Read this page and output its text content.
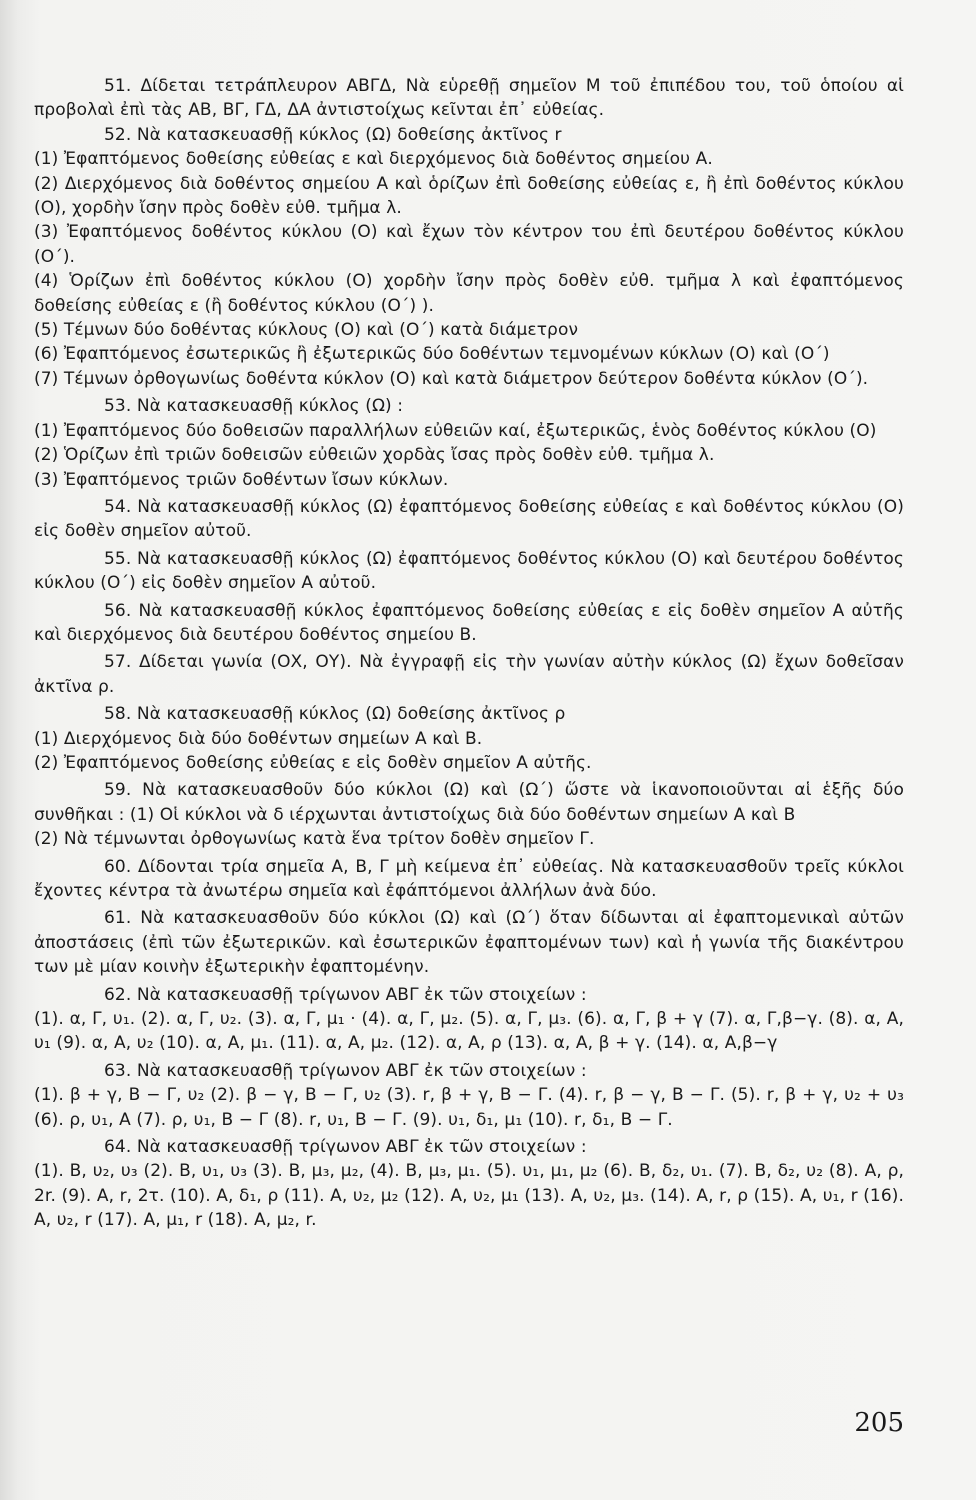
51. Δίδεται τετράπλευρον ΑΒΓΔ, Νὰ εὑρεθῇ σημεῖον Μ τοῦ ἐπιπέδου του, τοῦ ὁποίου αἱ προβολαὶ ἐπὶ τὰς ΑΒ, ΒΓ, ΓΔ, ΔΑ ἀντιστοίχως κεῖνται ἐπ᾿ εὐθείας.

52. Νὰ κατασκευασθῇ κύκλος (Ω) δοθείσης ἀκτῖνος r

(1) Ἐφαπτόμενος δοθείσης εὐθείας ε καὶ διερχόμενος διὰ δοθέντος σημείου Α.

(2) Διερχόμενος διὰ δοθέντος σημείου Α καὶ ὁρίζων ἐπὶ δοθείσης εὐθείας ε, ἢ ἐπὶ δοθέντος κύκλου (Ο), χορδὴν ἴσην πρὸς δοθὲν εὐθ. τμῆμα λ.

(3) Ἐφαπτόμενος δοθέντος κύκλου (Ο) καὶ ἔχων τὸν κέντρον του ἐπὶ δευτέρου δοθέντος κύκλου (Ο΄).

(4) Ὁρίζων ἐπὶ δοθέντος κύκλου (Ο) χορδὴν ἴσην πρὸς δοθὲν εὐθ. τμῆμα λ καὶ ἐφαπτόμενος δοθείσης εὐθείας ε (ἢ δοθέντος κύκλου (Ο΄) ).

(5) Τέμνων δύο δοθέντας κύκλους (Ο) καὶ (Ο΄) κατὰ διάμετρον

(6) Ἐφαπτόμενος ἐσωτερικῶς ἢ ἐξωτερικῶς δύο δοθέντων τεμνομένων κύκλων (Ο) καὶ (Ο΄)

(7) Τέμνων ὀρθογωνίως δοθέντα κύκλον (Ο) καὶ κατὰ διάμετρον δεύτερον δοθέντα κύκλον (Ο΄).

53. Νὰ κατασκευασθῇ κύκλος (Ω) :

(1) Ἐφαπτόμενος δύο δοθεισῶν παραλλήλων εὐθειῶν καί, ἐξωτερικῶς, ἑνὸς δοθέντος κύκλου (Ο)

(2) Ὁρίζων ἐπὶ τριῶν δοθεισῶν εὐθειῶν χορδὰς ἴσας πρὸς δοθὲν εὐθ. τμῆμα λ.

(3) Ἐφαπτόμενος τριῶν δοθέντων ἴσων κύκλων.

54. Νὰ κατασκευασθῇ κύκλος (Ω) ἐφαπτόμενος δοθείσης εὐθείας ε καὶ δοθέντος κύκλου (Ο) εἰς δοθὲν σημεῖον αὐτοῦ.

55. Νὰ κατασκευασθῇ κύκλος (Ω) ἐφαπτόμενος δοθέντος κύκλου (Ο) καὶ δευτέρου δοθέντος κύκλου (Ο΄) εἰς δοθὲν σημεῖον Α αὐτοῦ.

56. Νὰ κατασκευασθῇ κύκλος ἐφαπτόμενος δοθείσης εὐθείας ε εἰς δοθὲν σημεῖον Α αὐτῆς καὶ διερχόμενος διὰ δευτέρου δοθέντος σημείου Β.

57. Δίδεται γωνία (ΟΧ, ΟΥ). Νὰ ἐγγραφῇ εἰς τὴν γωνίαν αὐτὴν κύκλος (Ω) ἔχων δοθεῖσαν ἀκτῖνα ρ.

58. Νὰ κατασκευασθῇ κύκλος (Ω) δοθείσης ἀκτῖνος ρ

(1) Διερχόμενος διὰ δύο δοθέντων σημείων Α καὶ Β.

(2) Ἐφαπτόμενος δοθείσης εὐθείας ε εἰς δοθὲν σημεῖον Α αὐτῆς.

59. Νὰ κατασκευασθοῦν δύο κύκλοι (Ω) καὶ (Ω΄) ὥστε νὰ ἱκανοποιοῦνται αἱ ἑξῆς δύο συνθῆκαι : (1) Οἱ κύκλοι νὰ δ ιέρχωνται ἀντιστοίχως διὰ δύο δοθέντων σημείων Α καὶ Β

(2) Νὰ τέμνωνται ὀρθογωνίως κατὰ ἕνα τρίτον δοθὲν σημεῖον Γ.

60. Δίδονται τρία σημεῖα Α, Β, Γ μὴ κείμενα ἐπ᾿ εὐθείας. Νὰ κατασκευασθοῦν τρεῖς κύκλοι ἔχοντες κέντρα τὰ ἀνωτέρω σημεῖα καὶ ἐφάπτόμενοι ἀλλήλων ἀνὰ δύο.

61. Νὰ κατασκευασθοῦν δύο κύκλοι (Ω) καὶ (Ω΄) ὅταν δίδωνται αἱ ἐφαπτομενικαὶ αὐτῶν ἀποστάσεις (ἐπὶ τῶν ἐξωτερικῶν. καὶ ἐσωτερικῶν ἐφαπτομένων των) καὶ ἡ γωνία τῆς διακέντρου των μὲ μίαν κοινὴν ἐξωτερικὴν ἐφαπτομένην.

62. Νὰ κατασκευασθῇ τρίγωνον ΑΒΓ ἐκ τῶν στοιχείων :

(1). α, Γ, υ₁. (2). α, Γ, υ₂. (3). α, Γ, μ₁ · (4). α, Γ, μ₂. (5). α, Γ, μ₃. (6). α, Γ, β + γ (7). α, Γ,β−γ. (8). α, Α, υ₁ (9). α, Α, υ₂ (10). α, Α, μ₁. (11). α, Α, μ₂. (12). α, Α, ρ (13). α, Α, β + γ. (14). α, Α,β−γ

63. Νὰ κατασκευασθῇ τρίγωνον ΑΒΓ ἐκ τῶν στοιχείων :

(1). β + γ, Β − Γ, υ₂ (2). β − γ, Β − Γ, υ₂ (3). r, β + γ, Β − Γ. (4). r, β − γ, Β − Γ. (5). r, β + γ, υ₂ + υ₃ (6). ρ, υ₁, Α (7). ρ, υ₁, Β − Γ (8). r, υ₁, Β − Γ. (9). υ₁, δ₁, μ₁ (10). r, δ₁, Β − Γ.

64. Νὰ κατασκευασθῇ τρίγωνον ΑΒΓ ἐκ τῶν στοιχείων :

(1). Β, υ₂, υ₃ (2). Β, υ₁, υ₃ (3). Β, μ₃, μ₂, (4). Β, μ₃, μ₁. (5). υ₁, μ₁, μ₂ (6). Β, δ₂, υ₁. (7). Β, δ₂, υ₂ (8). Α, ρ, 2r. (9). Α, r, 2τ. (10). Α, δ₁, ρ (11). Α, υ₂, μ₂ (12). Α, υ₂, μ₁ (13). Α, υ₂, μ₃. (14). Α, r, ρ (15). Α, υ₁, r (16). Α, υ₂, r (17). Α, μ₁, r (18). Α, μ₂, r.

205
